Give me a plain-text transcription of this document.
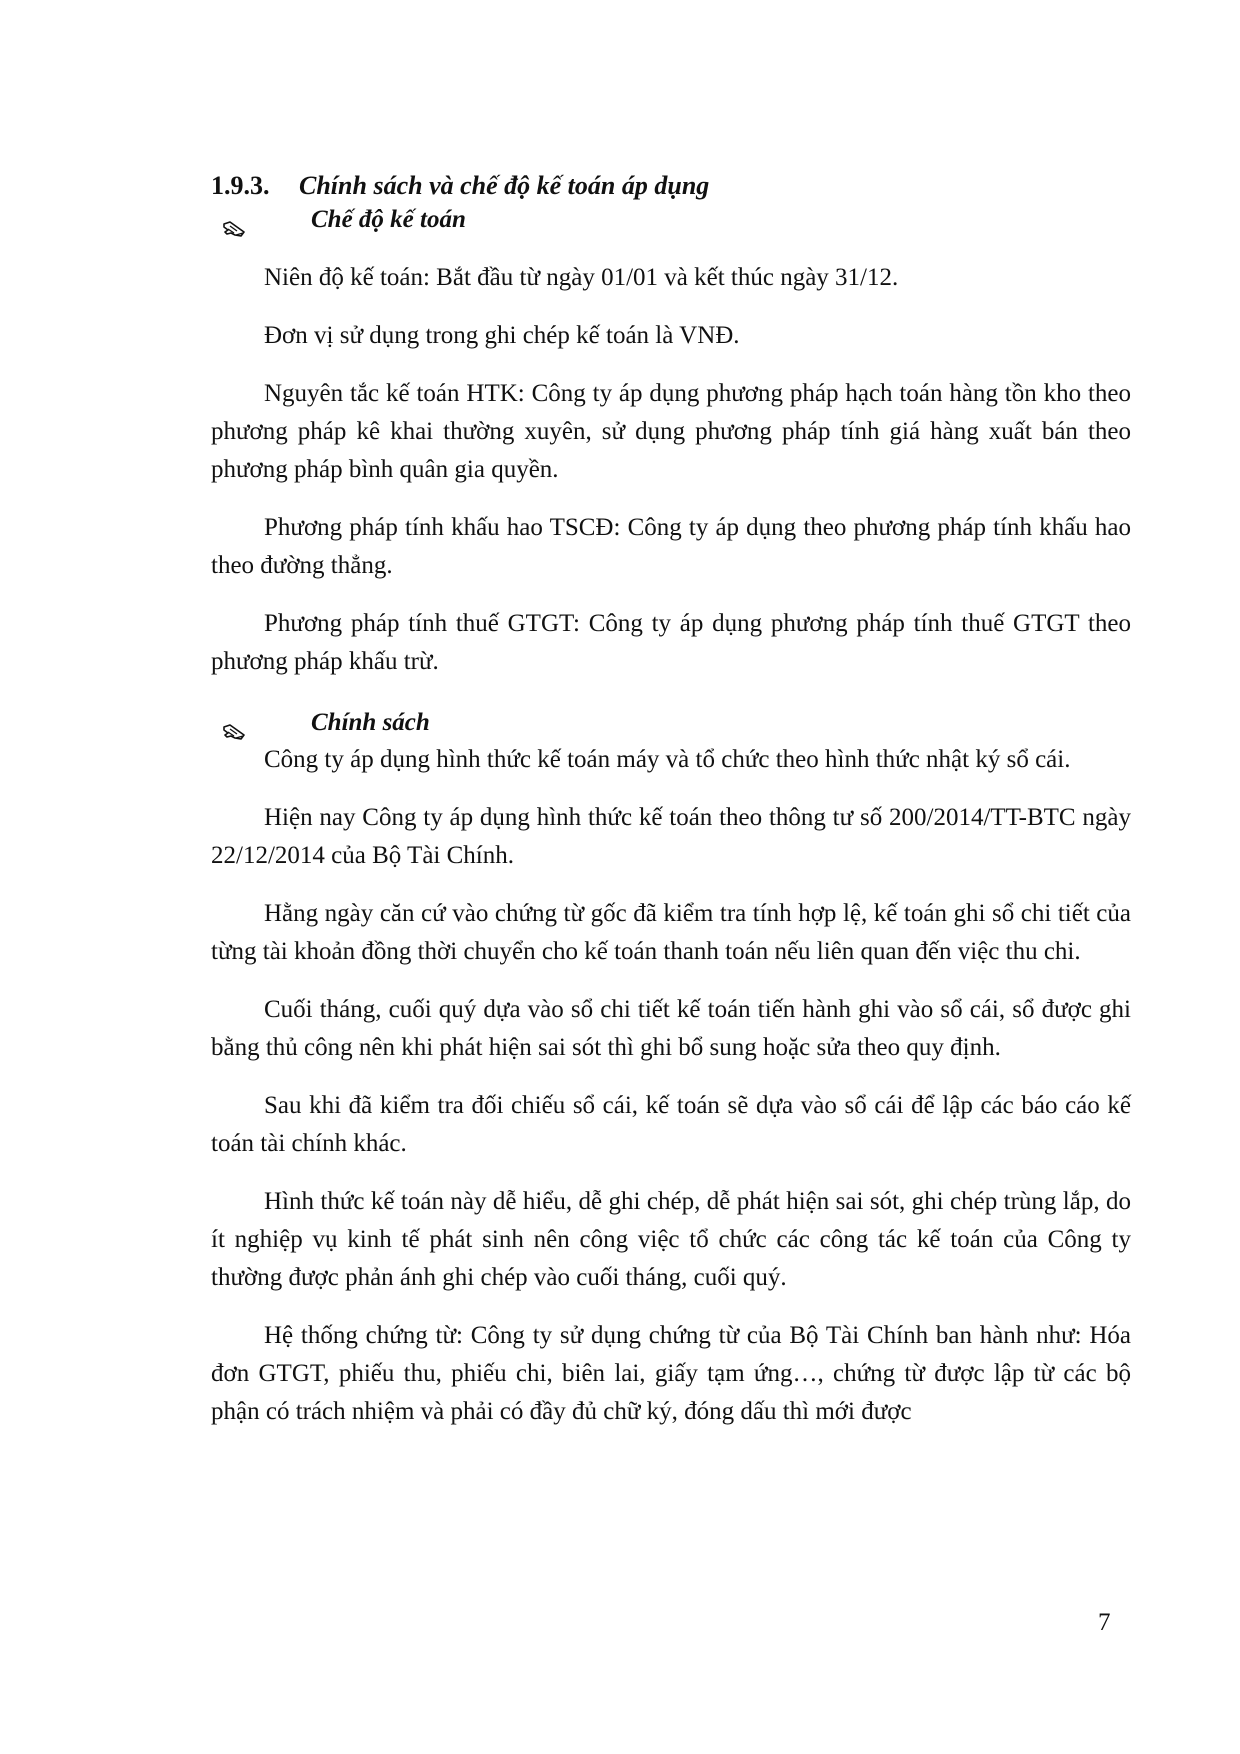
1.9.3.	Chính sách và chế độ kế toán áp dụng
Chế độ kế toán

Niên độ kế toán: Bắt đầu từ ngày 01/01 và kết thúc ngày 31/12.

Đơn vị sử dụng trong ghi chép kế toán là VNĐ.

Nguyên tắc kế toán HTK: Công ty áp dụng phương pháp hạch toán hàng tồn kho theo phương pháp kê khai thường xuyên, sử dụng phương pháp tính giá hàng xuất bán theo phương pháp bình quân gia quyền.

Phương pháp tính khấu hao TSCĐ: Công ty áp dụng theo phương pháp tính khấu hao theo đường thẳng.

Phương pháp tính thuế GTGT: Công ty áp dụng phương pháp tính thuế GTGT theo phương pháp khấu trừ.

Chính sách

Công ty áp dụng hình thức kế toán máy và tổ chức theo hình thức nhật ký sổ cái.

Hiện nay Công ty áp dụng hình thức kế toán theo thông tư số 200/2014/TT-BTC ngày 22/12/2014 của Bộ Tài Chính.

Hằng ngày căn cứ vào chứng từ gốc đã kiểm tra tính hợp lệ, kế toán ghi sổ chi tiết của từng tài khoản đồng thời chuyển cho kế toán thanh toán nếu liên quan đến việc thu chi.

Cuối tháng, cuối quý dựa vào sổ chi tiết kế toán tiến hành ghi vào sổ cái, sổ được ghi bằng thủ công nên khi phát hiện sai sót thì ghi bổ sung hoặc sửa theo quy định.

Sau khi đã kiểm tra đối chiếu sổ cái, kế toán sẽ dựa vào sổ cái để lập các báo cáo kế toán tài chính khác.

Hình thức kế toán này dễ hiểu, dễ ghi chép, dễ phát hiện sai sót, ghi chép trùng lắp, do ít nghiệp vụ kinh tế phát sinh nên công việc tổ chức các công tác kế toán của Công ty thường được phản ánh ghi chép vào cuối tháng, cuối quý.

Hệ thống chứng từ: Công ty sử dụng chứng từ của Bộ Tài Chính ban hành như: Hóa đơn GTGT, phiếu thu, phiếu chi, biên lai, giấy tạm ứng…, chứng từ được lập từ các bộ phận có trách nhiệm và phải có đầy đủ chữ ký, đóng dấu thì mới được

7
